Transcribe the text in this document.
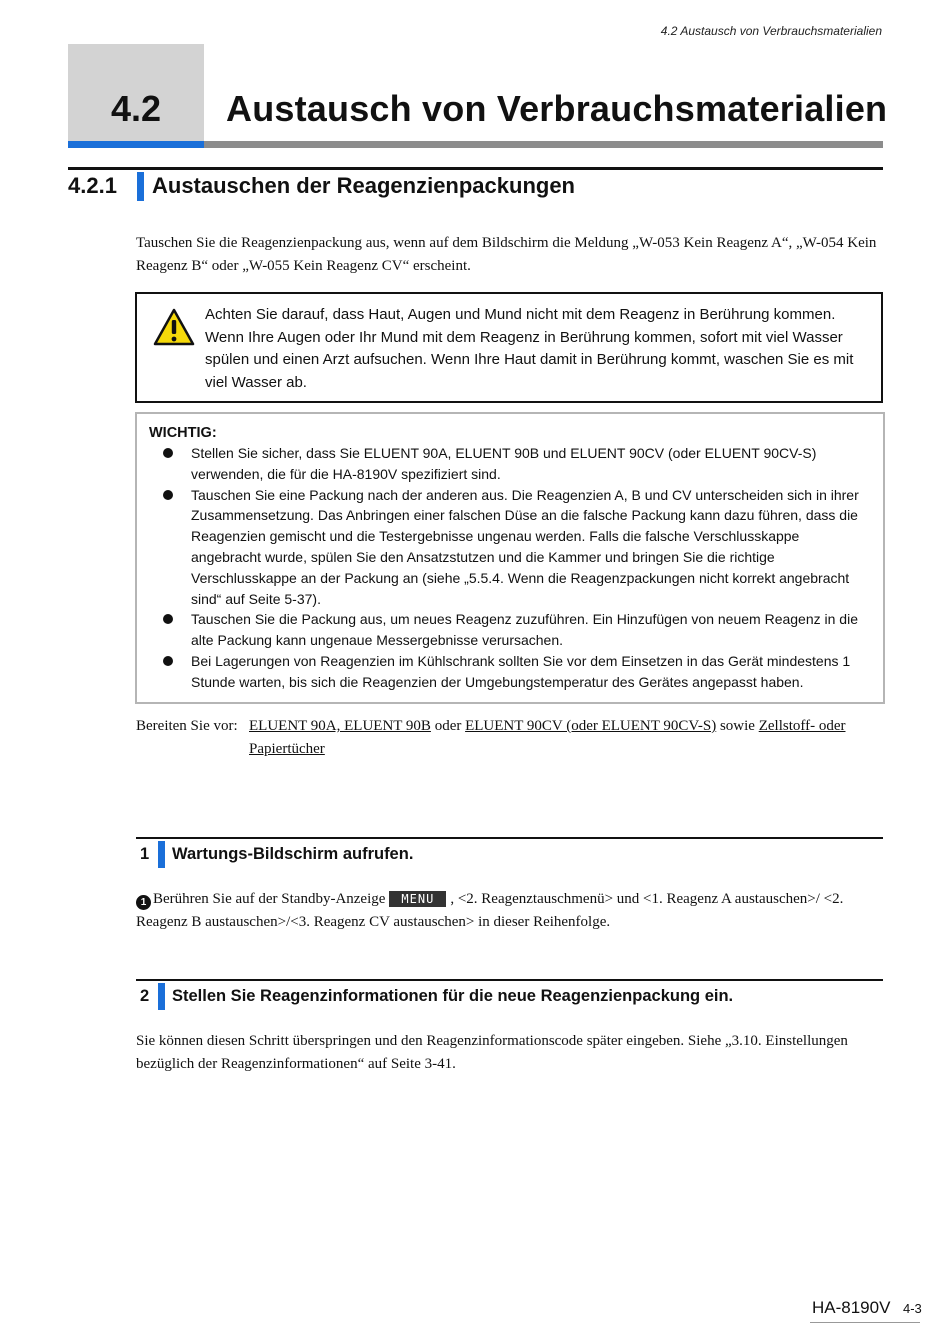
4.2 Austausch von Verbrauchsmaterialien
4.2	Austausch von Verbrauchsmaterialien
4.2.1 Austauschen der Reagenzienpackungen

Tauschen Sie die Reagenzienpackung aus, wenn auf dem Bildschirm die Meldung „W-053 Kein Reagenz A“, „W-054 Kein Reagenz B“ oder „W-055 Kein Reagenz CV“ erscheint.

Achten Sie darauf, dass Haut, Augen und Mund nicht mit dem Reagenz in Berührung kommen. Wenn Ihre Augen oder Ihr Mund mit dem Reagenz in Berührung kommen, sofort mit viel Wasser spülen und einen Arzt aufsuchen. Wenn Ihre Haut damit in Berührung kommt, waschen Sie es mit viel Wasser ab.
WICHTIG:
Stellen Sie sicher, dass Sie ELUENT 90A, ELUENT 90B und ELUENT 90CV (oder ELUENT 90CV-S) verwenden, die für die HA-8190V spezifiziert sind.
Tauschen Sie eine Packung nach der anderen aus. Die Reagenzien A, B und CV unterscheiden sich in ihrer Zusammensetzung. Das Anbringen einer falschen Düse an die falsche Packung kann dazu führen, dass die Reagenzien gemischt und die Testergebnisse ungenau werden. Falls die falsche Verschlusskappe angebracht wurde, spülen Sie den Ansatzstutzen und die Kammer und bringen Sie die richtige Verschlusskappe an der Packung an (siehe „5.5.4. Wenn die Reagenzpackungen nicht korrekt angebracht sind“ auf Seite 5-37).
Tauschen Sie die Packung aus, um neues Reagenz zuzuführen. Ein Hinzufügen von neuem Reagenz in die alte Packung kann ungenaue Messergebnisse verursachen.
Bei Lagerungen von Reagenzien im Kühlschrank sollten Sie vor dem Einsetzen in das Gerät mindestens 1 Stunde warten, bis sich die Reagenzien der Umgebungstemperatur des Gerätes angepasst haben.
Bereiten Sie vor: ELUENT 90A, ELUENT 90B oder ELUENT 90CV (oder ELUENT 90CV-S) sowie Zellstoff- oder Papiertücher
1 Wartungs-Bildschirm aufrufen.
1 Berühren Sie auf der Standby-Anzeige MENU , <2. Reagenztauschmenü> und <1. Reagenz A austauschen>/ <2. Reagenz B austauschen>/<3. Reagenz CV austauschen> in dieser Reihenfolge.
2 Stellen Sie Reagenzinformationen für die neue Reagenzienpackung ein.

Sie können diesen Schritt überspringen und den Reagenzinformationscode später eingeben. Siehe „3.10. Einstellungen bezüglich der Reagenzinformationen“ auf Seite 3-41.

HA-8190V 4-3
